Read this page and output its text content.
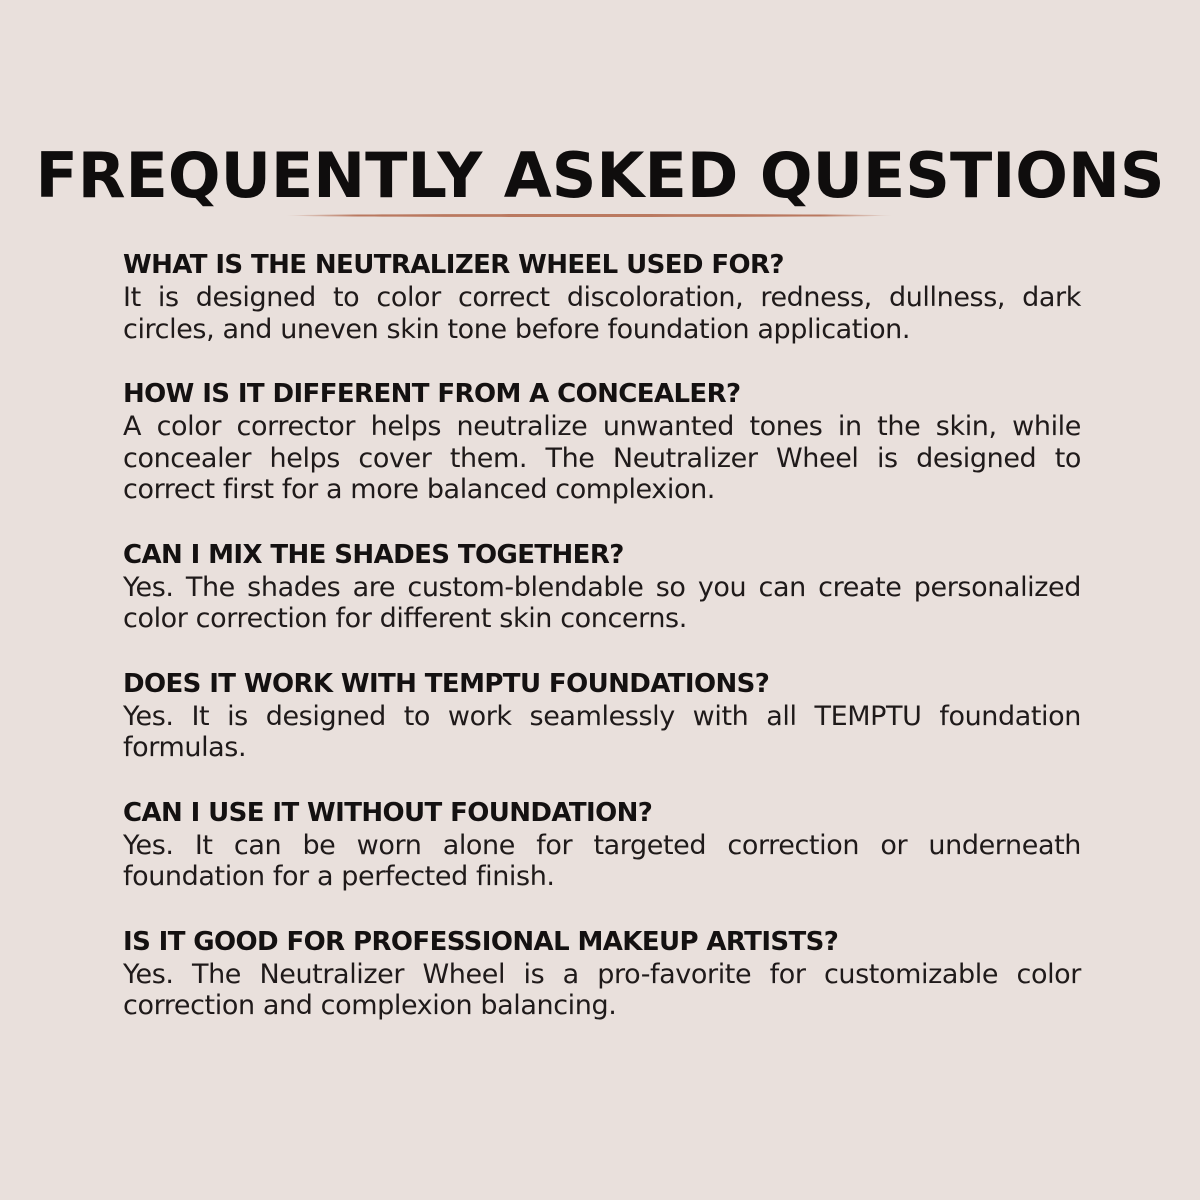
FREQUENTLY ASKED QUESTIONS

WHAT IS THE NEUTRALIZER WHEEL USED FOR?

It is designed to color correct discoloration, redness, dullness, dark circles, and uneven skin tone before foundation application.

HOW IS IT DIFFERENT FROM A CONCEALER?

A color corrector helps neutralize unwanted tones in the skin, while concealer helps cover them. The Neutralizer Wheel is designed to correct first for a more balanced complexion.

CAN I MIX THE SHADES TOGETHER?

Yes. The shades are custom-blendable so you can create personalized color correction for different skin concerns.

DOES IT WORK WITH TEMPTU FOUNDATIONS?

Yes. It is designed to work seamlessly with all TEMPTU foundation formulas.

CAN I USE IT WITHOUT FOUNDATION?

Yes. It can be worn alone for targeted correction or underneath foundation for a perfected finish.

IS IT GOOD FOR PROFESSIONAL MAKEUP ARTISTS?

Yes. The Neutralizer Wheel is a pro-favorite for customizable color correction and complexion balancing.
